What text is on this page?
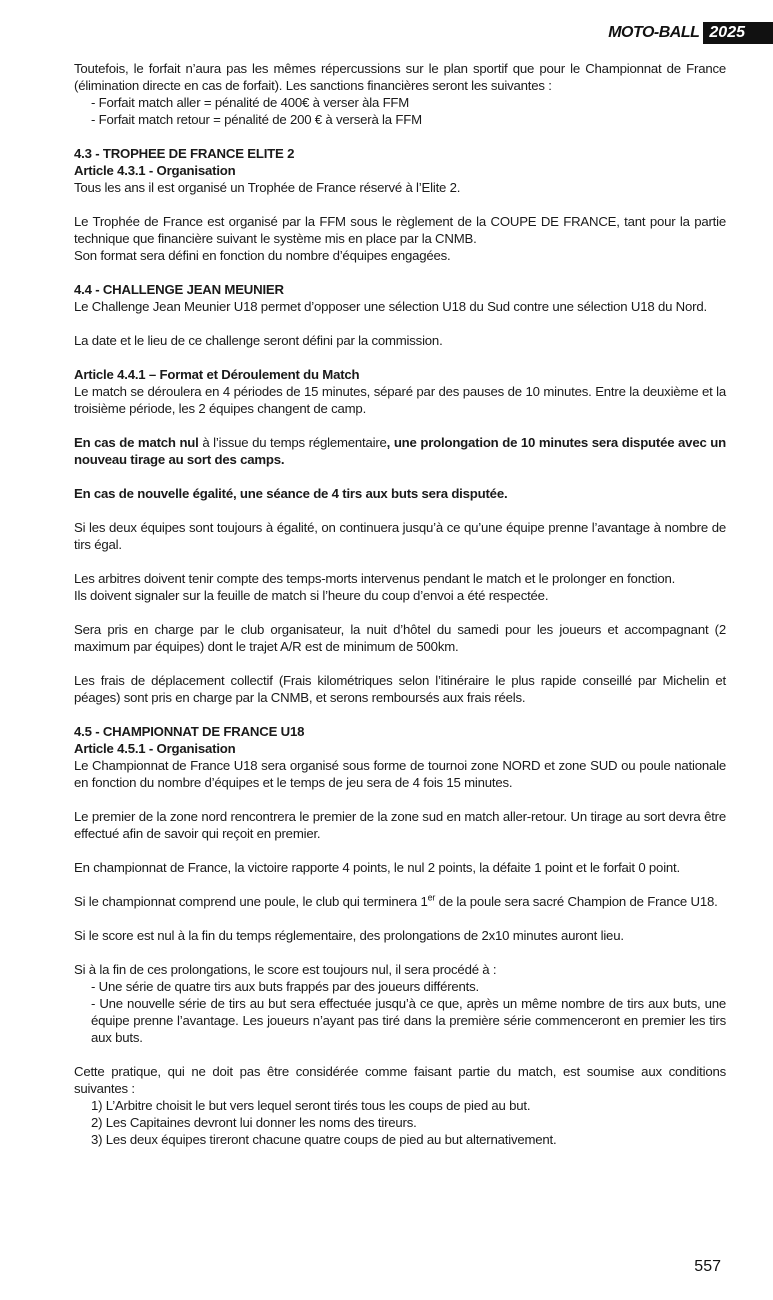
MOTO-BALL 2025

Toutefois, le forfait n’aura pas les mêmes répercussions sur le plan sportif que pour le Championnat de France (élimination directe en cas de forfait). Les sanctions financières seront les suivantes :

- Forfait match aller = pénalité de 400€ à verser àla FFM

- Forfait match retour = pénalité de 200 € à verserà la FFM

4.3 - TROPHEE DE FRANCE ELITE 2

Article 4.3.1 - Organisation

Tous les ans il est organisé un Trophée de France réservé à l’Elite 2.

Le Trophée de France est organisé par la FFM sous le règlement de la COUPE DE FRANCE, tant pour la partie technique que financière suivant le système mis en place par la CNMB.

Son format sera défini en fonction du nombre d’équipes engagées.

4.4 - CHALLENGE JEAN MEUNIER

Le Challenge Jean Meunier U18 permet d’opposer une sélection U18 du Sud contre une sélection U18 du Nord.

La date et le lieu de ce challenge seront défini par la commission.

Article 4.4.1 – Format et Déroulement du Match

Le match se déroulera en 4 périodes de 15 minutes, séparé par des pauses de 10 minutes. Entre la deuxième et la troisième période, les 2 équipes changent de camp.

En cas de match nul à l’issue du temps réglementaire, une prolongation de 10 minutes sera disputée avec un nouveau tirage au sort des camps.

En cas de nouvelle égalité, une séance de 4 tirs aux buts sera disputée.

Si les deux équipes sont toujours à égalité, on continuera jusqu’à ce qu’une équipe prenne l’avantage à nombre de tirs égal.

Les arbitres doivent tenir compte des temps-morts intervenus pendant le match et le prolonger en fonction.

Ils doivent signaler sur la feuille de match si l’heure du coup d’envoi a été respectée.

Sera pris en charge par le club organisateur, la nuit d’hôtel du samedi pour les joueurs et accompagnant (2 maximum par équipes) dont le trajet A/R est de minimum de 500km.

Les frais de déplacement collectif (Frais kilométriques selon l’itinéraire le plus rapide conseillé par Michelin et péages) sont pris en charge par la CNMB, et serons remboursés aux frais réels.

4.5 - CHAMPIONNAT DE FRANCE U18

Article 4.5.1 - Organisation

Le Championnat de France U18 sera organisé sous forme de tournoi zone NORD et zone SUD ou poule nationale en fonction du nombre d’équipes et le temps de jeu sera de 4 fois 15 minutes.

Le premier de la zone nord rencontrera le premier de la zone sud en match aller-retour. Un tirage au sort devra être effectué afin de savoir qui reçoit en premier.

En championnat de France, la victoire rapporte 4 points, le nul 2 points, la défaite 1 point et le forfait 0 point.

Si le championnat comprend une poule, le club qui terminera 1er de la poule sera sacré Champion de France U18.

Si le score est nul à la fin du temps réglementaire, des prolongations de 2x10 minutes auront lieu.

Si à la fin de ces prolongations, le score est toujours nul, il sera procédé à :

- Une série de quatre tirs aux buts frappés par des joueurs différents.

- Une nouvelle série de tirs au but sera effectuée jusqu’à ce que, après un même nombre de tirs aux buts, une équipe prenne l’avantage. Les joueurs n’ayant pas tiré dans la première série commenceront en premier les tirs aux buts.

Cette pratique, qui ne doit pas être considérée comme faisant partie du match, est soumise aux conditions suivantes :

1) L’Arbitre choisit le but vers lequel seront tirés tous les coups de pied au but.

2) Les Capitaines devront lui donner les noms des tireurs.

3) Les deux équipes tireront chacune quatre coups de pied au but alternativement.

557
